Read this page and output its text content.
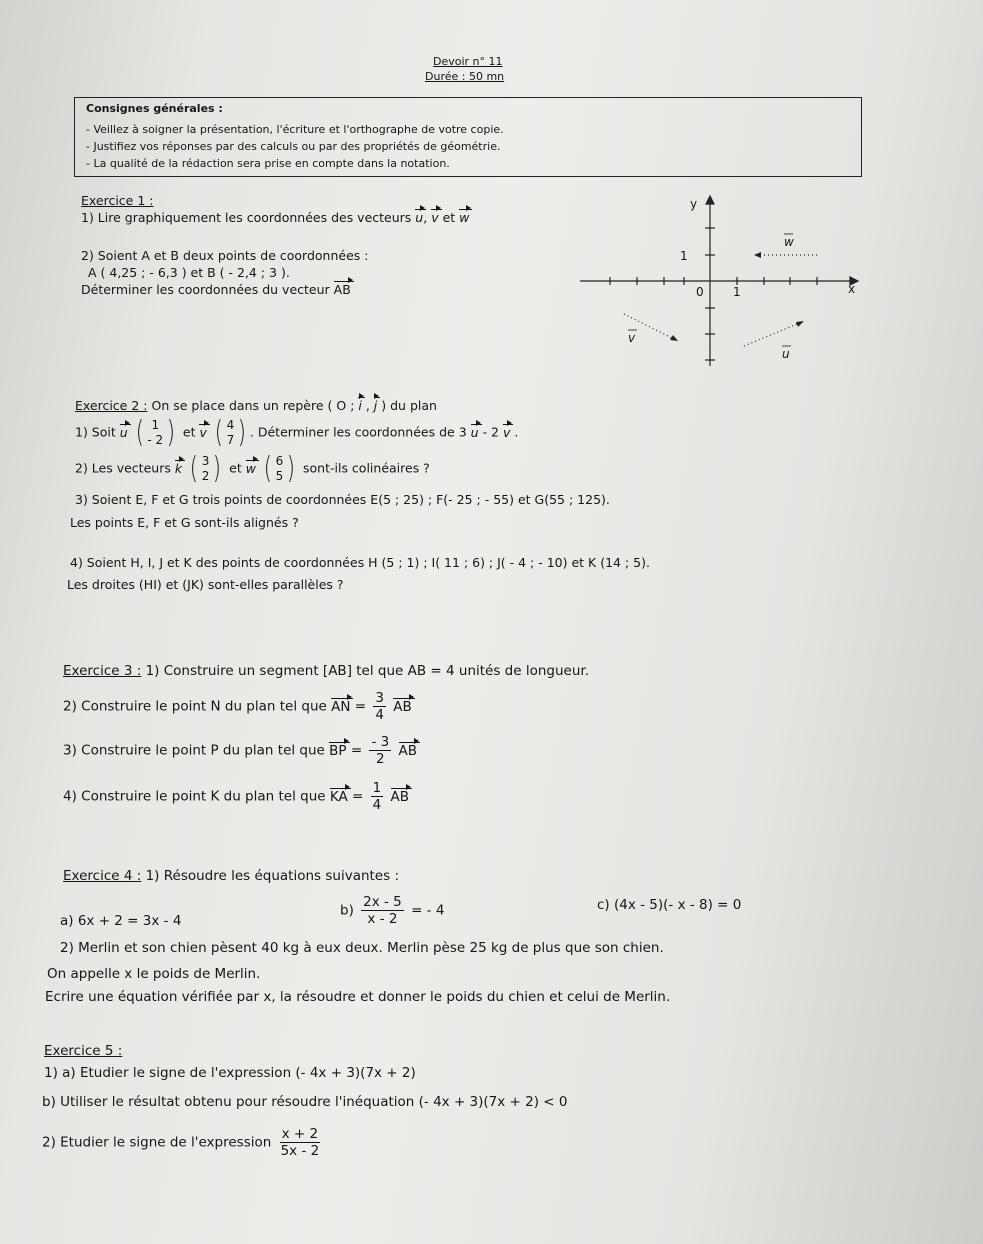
Devoir n° 11
Durée : 50 mn
Consignes générales :
- Veillez à soigner la présentation, l'écriture et l'orthographe de votre copie.
- Justifiez vos réponses par des calculs ou par des propriétés de géométrie.
- La qualité de la rédaction sera prise en compte dans la notation.
Exercice 1 :
1) Lire graphiquement les coordonnées des vecteurs u, v et w
2) Soient A et B deux points de coordonnées :
A ( 4,25 ; - 6,3 ) et B ( - 2,4 ; 3 ).
Déterminer les coordonnées du vecteur AB
y
x
1
0 1
w
v
u
Exercice 2 : On se place dans un repère ( O ; i , j ) du plan
1) Soit u ( 1
- 2 ) et v ( 4
7 ) . Déterminer les coordonnées de 3 u - 2 v .
2) Les vecteurs k ( 3
2 ) et w ( 6
5 ) sont-ils colinéaires ?
3) Soient E, F et G trois points de coordonnées E(5 ; 25) ; F(- 25 ; - 55) et G(55 ; 125).
Les points E, F et G sont-ils alignés ?
4) Soient H, I, J et K des points de coordonnées H (5 ; 1) ; I( 11 ; 6) ; J( - 4 ; - 10) et K (14 ; 5).
Les droites (HI) et (JK) sont-elles parallèles ?
Exercice 3 : 1) Construire un segment [AB] tel que AB = 4 unités de longueur.
2) Construire le point N du plan tel que AN = $\frac{3}{4}$ AB
3) Construire le point P du plan tel que BP = $\frac{- 3}{2}$ AB
4) Construire le point K du plan tel que KA = $\frac{1}{4}$ AB
Exercice 4 : 1) Résoudre les équations suivantes :
a) 6x + 2 = 3x - 4
$b) \frac{2x - 5}{x - 2}$ = - 4	c) (4x - 5)(- x - 8) = 0
2) Merlin et son chien pèsent 40 kg à eux deux. Merlin pèse 25 kg de plus que son chien.
On appelle x le poids de Merlin.
Ecrire une équation vérifiée par x, la résoudre et donner le poids du chien et celui de Merlin.
Exercice 5 :
1) a) Etudier le signe de l'expression (- 4x + 3)(7x + 2)
b) Utiliser le résultat obtenu pour résoudre l'inéquation (- 4x + 3)(7x + 2) < 0
2) Etudier le signe de l'expression $\frac{x + 2}{5x - 2}$
